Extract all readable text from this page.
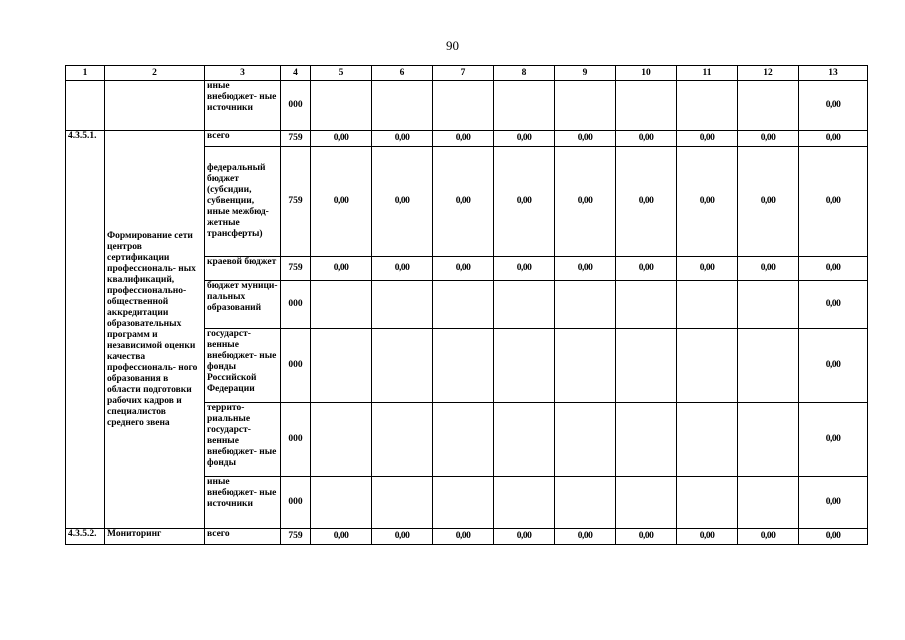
90
1	2	3	4	5	6	7	8	9	10	11	12	13
		иные внебюджет- ные источники	000									0,00
4.3.5.1.	Формирование сети центров сертификации профессиональ- ных квалификаций, профессионально- общественной аккредитации образовательных программ и независимой оценки качества профессиональ- ного образования в области подготовки рабочих кадров и специалистов среднего звена	всего	759	0,00	0,00	0,00	0,00	0,00	0,00	0,00	0,00	0,00
		федеральный бюджет (субсидии, субвенции, иные межбюд- жетные трансферты)	759	0,00	0,00	0,00	0,00	0,00	0,00	0,00	0,00	0,00
		краевой бюджет	759	0,00	0,00	0,00	0,00	0,00	0,00	0,00	0,00	0,00
		бюджет муници- пальных образований	000									0,00
		государст- венные внебюджет- ные фонды Российской Федерации	000									0,00
		террито- риальные государст- венные внебюджет- ные фонды	000									0,00
		иные внебюджет- ные источники	000									0,00
4.3.5.2.	Мониторинг	всего	759	0,00	0,00	0,00	0,00	0,00	0,00	0,00	0,00	0,00
